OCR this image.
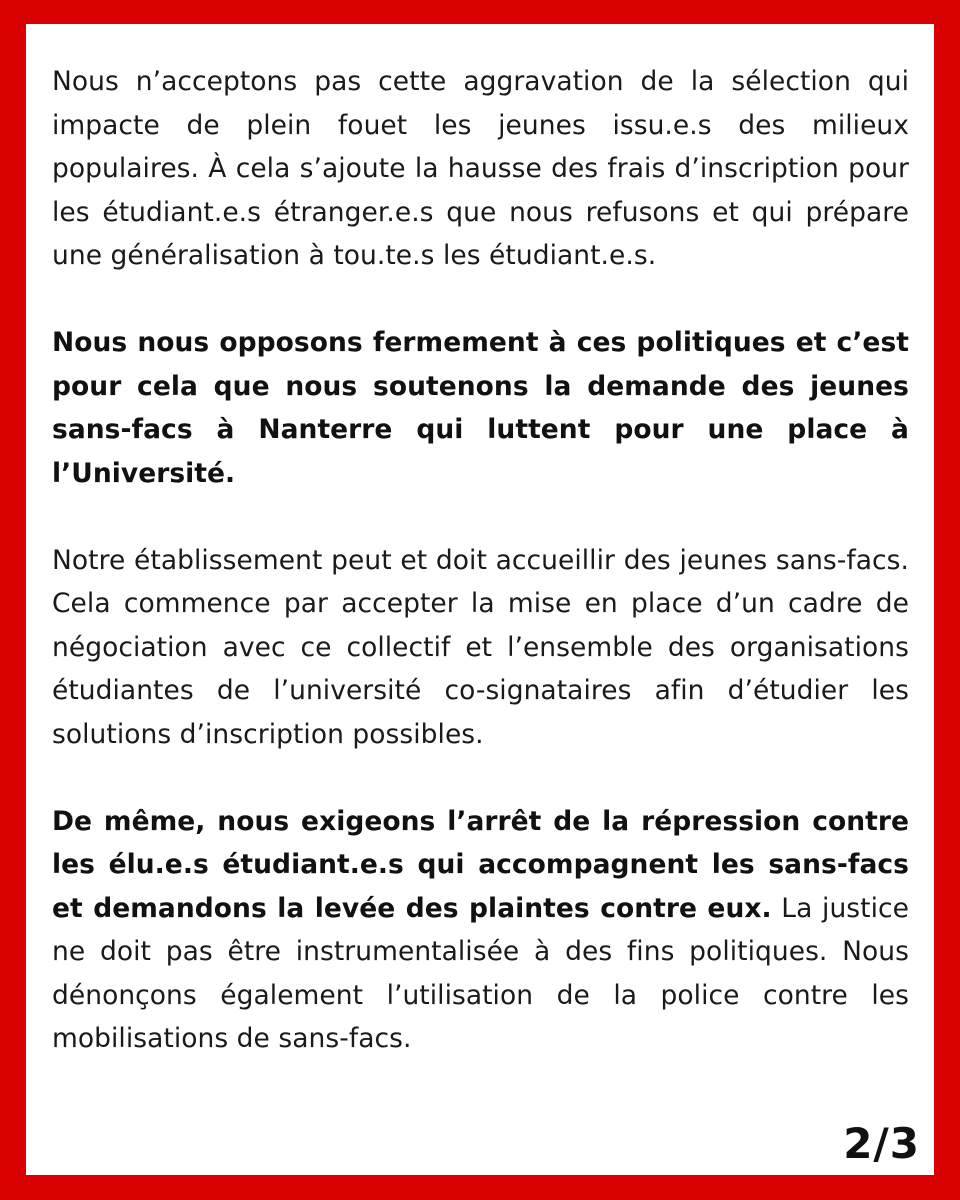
Nous n’acceptons pas cette aggravation de la sélection qui impacte de plein fouet les jeunes issu.e.s des milieux populaires. À cela s’ajoute la hausse des frais d’inscription pour les étudiant.e.s étranger.e.s que nous refusons et qui prépare une généralisation à tou.te.s les étudiant.e.s.

Nous nous opposons fermement à ces politiques et c’est pour cela que nous soutenons la demande des jeunes sans-facs à Nanterre qui luttent pour une place à l’Université.

Notre établissement peut et doit accueillir des jeunes sans-facs. Cela commence par accepter la mise en place d’un cadre de négociation avec ce collectif et l’ensemble des organisations étudiantes de l’université co-signataires afin d’étudier les solutions d’inscription possibles.

De même, nous exigeons l’arrêt de la répression contre les élu.e.s étudiant.e.s qui accompagnent les sans-facs et demandons la levée des plaintes contre eux. La justice ne doit pas être instrumentalisée à des fins politiques. Nous dénonçons également l’utilisation de la police contre les mobilisations de sans-facs.

2/3
